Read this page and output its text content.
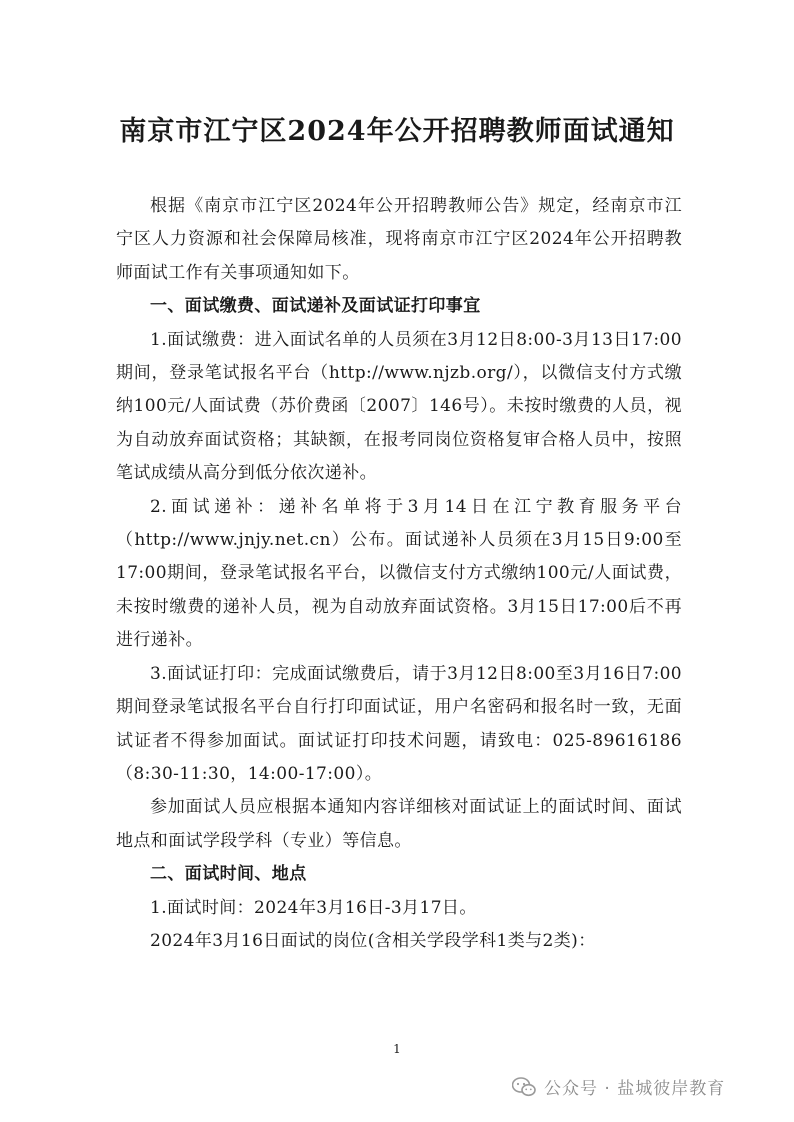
南京市江宁区2024年公开招聘教师面试通知

根据《南京市江宁区2024年公开招聘教师公告》规定，经南京市江宁区人力资源和社会保障局核准，现将南京市江宁区2024年公开招聘教师面试工作有关事项通知如下。

一、面试缴费、面试递补及面试证打印事宜

1.面试缴费：进入面试名单的人员须在3月12日8:00-3月13日17:00期间，登录笔试报名平台（http://www.njzb.org/），以微信支付方式缴纳100元/人面试费（苏价费函〔2007〕146号）。未按时缴费的人员，视为自动放弃面试资格；其缺额，在报考同岗位资格复审合格人员中，按照笔试成绩从高分到低分依次递补。

2.面试递补：递补名单将于3月14日在江宁教育服务平台（http://www.jnjy.net.cn）公布。面试递补人员须在3月15日9:00至17:00期间，登录笔试报名平台，以微信支付方式缴纳100元/人面试费，未按时缴费的递补人员，视为自动放弃面试资格。3月15日17:00后不再进行递补。

3.面试证打印：完成面试缴费后，请于3月12日8:00至3月16日7:00期间登录笔试报名平台自行打印面试证，用户名密码和报名时一致，无面试证者不得参加面试。面试证打印技术问题，请致电：025-89616186（8:30-11:30，14:00-17:00）。

参加面试人员应根据本通知内容详细核对面试证上的面试时间、面试地点和面试学段学科（专业）等信息。

二、面试时间、地点

1.面试时间：2024年3月16日-3月17日。

2024年3月16日面试的岗位(含相关学段学科1类与2类)：

1
公众号 · 盐城彼岸教育
